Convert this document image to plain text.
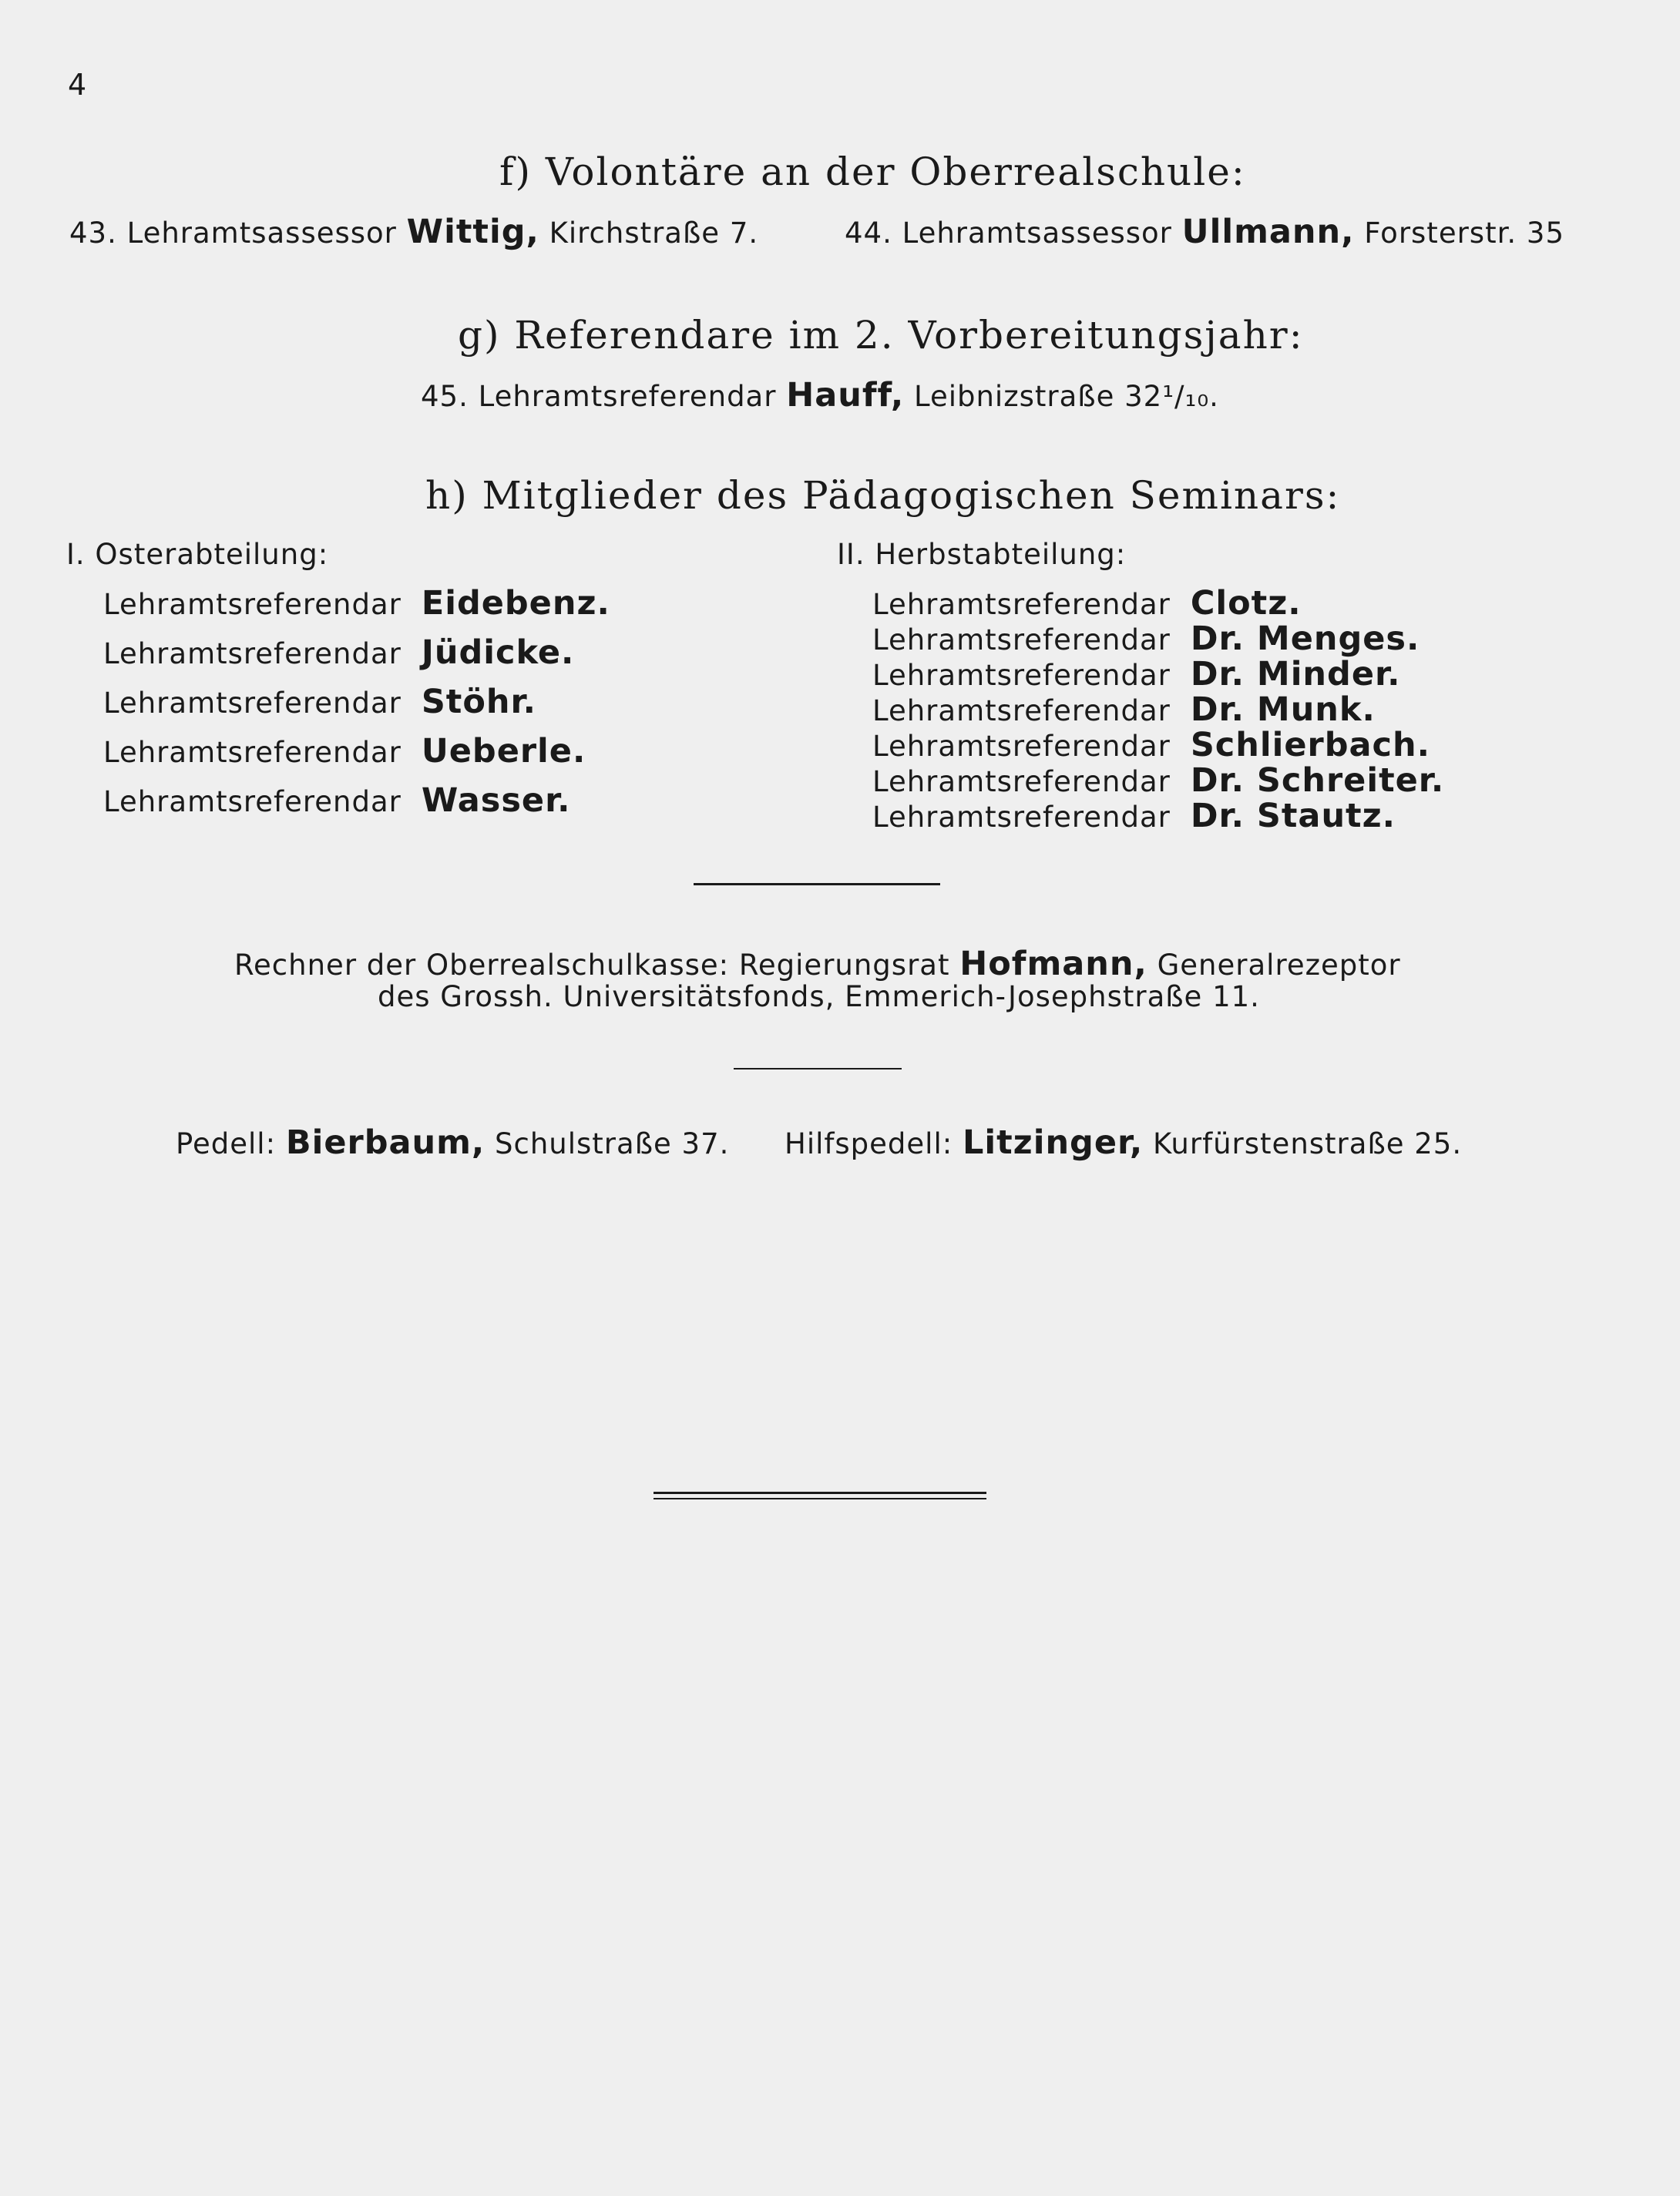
4
f) Volontäre an der Oberrealschule:
43. Lehramtsassessor Wittig, Kirchstraße 7.	44. Lehramtsassessor Ullmann, Forsterstr. 35
g) Referendare im 2. Vorbereitungsjahr:
45. Lehramtsreferendar Hauff, Leibnizstraße 32¹/₁₀.
h) Mitglieder des Pädagogischen Seminars:
I. Osterabteilung:	II. Herbstabteilung:
Lehramtsreferendar Eidebenz.
Lehramtsreferendar Jüdicke.
Lehramtsreferendar Stöhr.
Lehramtsreferendar Ueberle.
Lehramtsreferendar Wasser.
Lehramtsreferendar Clotz.
Lehramtsreferendar Dr. Menges.
Lehramtsreferendar Dr. Minder.
Lehramtsreferendar Dr. Munk.
Lehramtsreferendar Schlierbach.
Lehramtsreferendar Dr. Schreiter.
Lehramtsreferendar Dr. Stautz.
Rechner der Oberrealschulkasse: Regierungsrat Hofmann, Generalrezeptor
des Grossh. Universitätsfonds, Emmerich-Josephstraße 11.
Pedell: Bierbaum, Schulstraße 37. Hilfspedell: Litzinger, Kurfürstenstraße 25.
